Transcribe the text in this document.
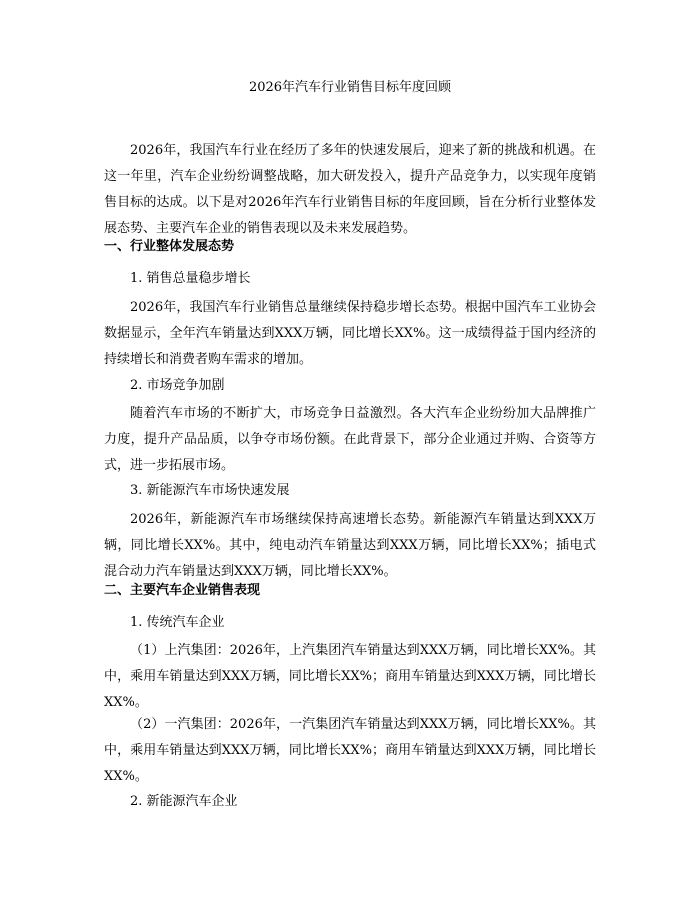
2026年汽车行业销售目标年度回顾

2026年，我国汽车行业在经历了多年的快速发展后，迎来了新的挑战和机遇。在这一年里，汽车企业纷纷调整战略，加大研发投入，提升产品竞争力，以实现年度销售目标的达成。以下是对2026年汽车行业销售目标的年度回顾，旨在分析行业整体发展态势、主要汽车企业的销售表现以及未来发展趋势。

一、行业整体发展态势
1. 销售总量稳步增长

2026年，我国汽车行业销售总量继续保持稳步增长态势。根据中国汽车工业协会数据显示，全年汽车销量达到XXX万辆，同比增长XX%。这一成绩得益于国内经济的持续增长和消费者购车需求的增加。

2. 市场竞争加剧

随着汽车市场的不断扩大，市场竞争日益激烈。各大汽车企业纷纷加大品牌推广力度，提升产品品质，以争夺市场份额。在此背景下，部分企业通过并购、合资等方式，进一步拓展市场。

3. 新能源汽车市场快速发展

2026年，新能源汽车市场继续保持高速增长态势。新能源汽车销量达到XXX万辆，同比增长XX%。其中，纯电动汽车销量达到XXX万辆，同比增长XX%；插电式混合动力汽车销量达到XXX万辆，同比增长XX%。

二、主要汽车企业销售表现
1. 传统汽车企业

（1）上汽集团：2026年，上汽集团汽车销量达到XXX万辆，同比增长XX%。其中，乘用车销量达到XXX万辆，同比增长XX%；商用车销量达到XXX万辆，同比增长XX%。

（2）一汽集团：2026年，一汽集团汽车销量达到XXX万辆，同比增长XX%。其中，乘用车销量达到XXX万辆，同比增长XX%；商用车销量达到XXX万辆，同比增长XX%。

2. 新能源汽车企业
